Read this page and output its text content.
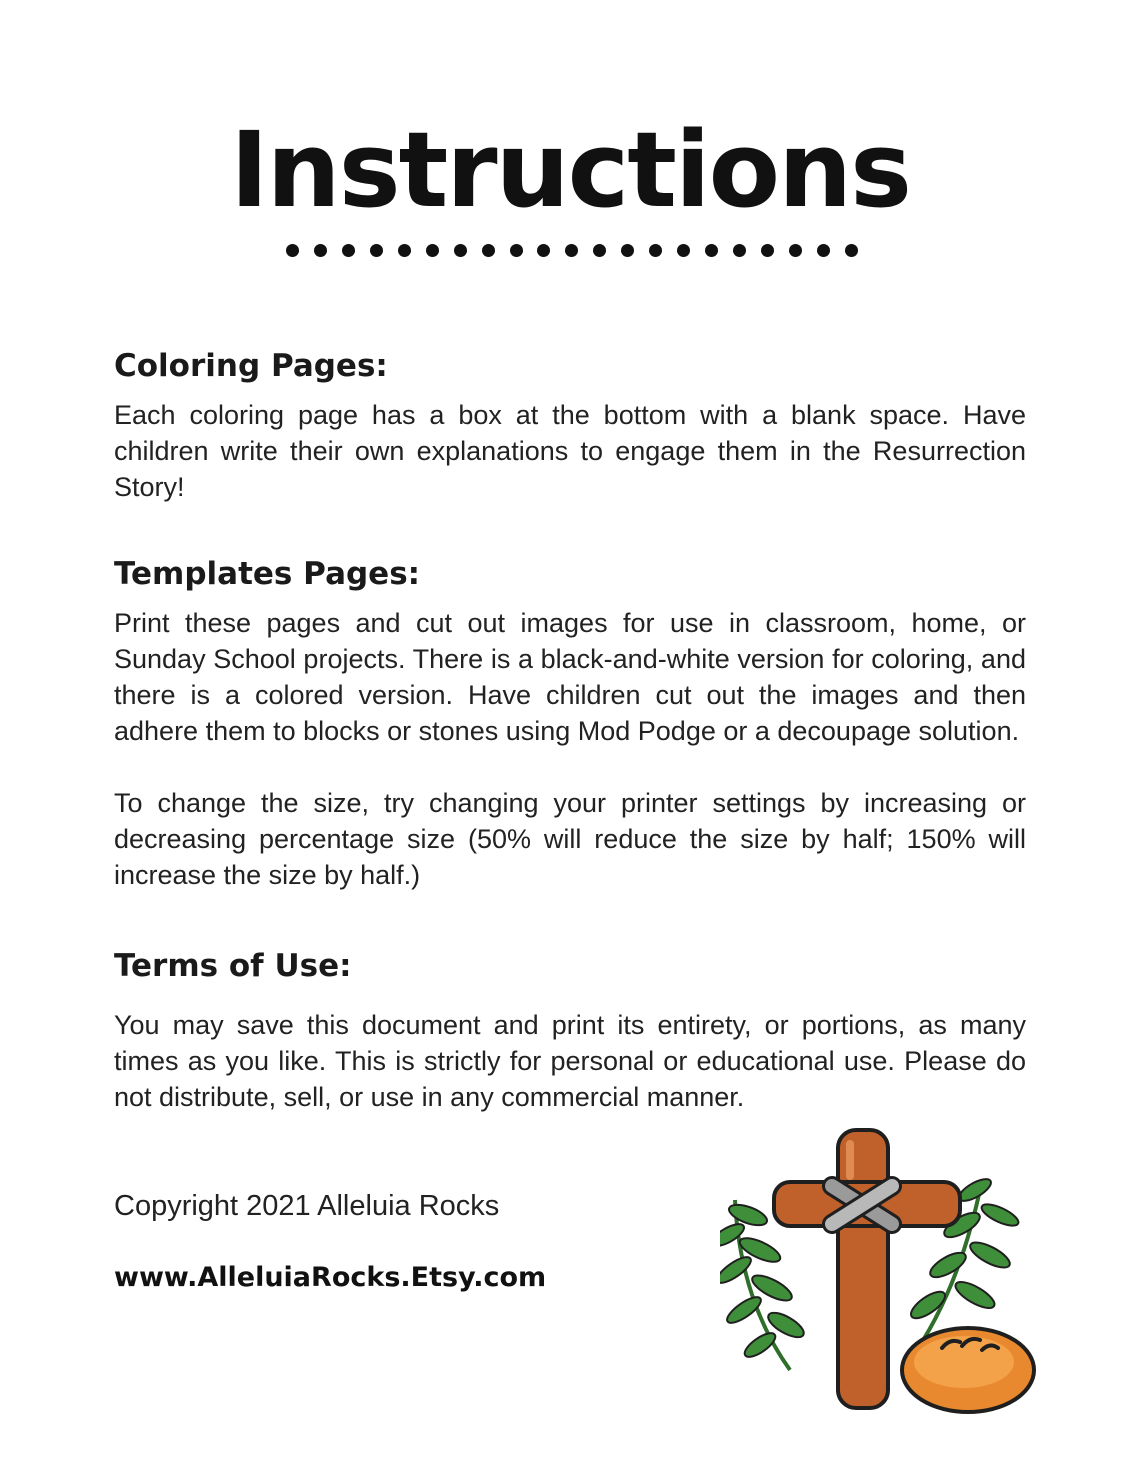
Instructions
Coloring Pages:

Each coloring page has a box at the bottom with a blank space. Have children write their own explanations to engage them in the Resurrection Story!

Templates Pages:

Print these pages and cut out images for use in classroom, home, or Sunday School projects. There is a black-and-white version for coloring, and there is a colored version. Have children cut out the images and then adhere them to blocks or stones using Mod Podge or a decoupage solution.

To change the size, try changing your printer settings by increasing or decreasing percentage size (50% will reduce the size by half; 150% will increase the size by half.)

Terms of Use:

You may save this document and print its entirety, or portions, as many times as you like. This is strictly for personal or educational use. Please do not distribute, sell, or use in any commercial manner.

Copyright 2021 Alleluia Rocks
www.AlleluiaRocks.Etsy.com
